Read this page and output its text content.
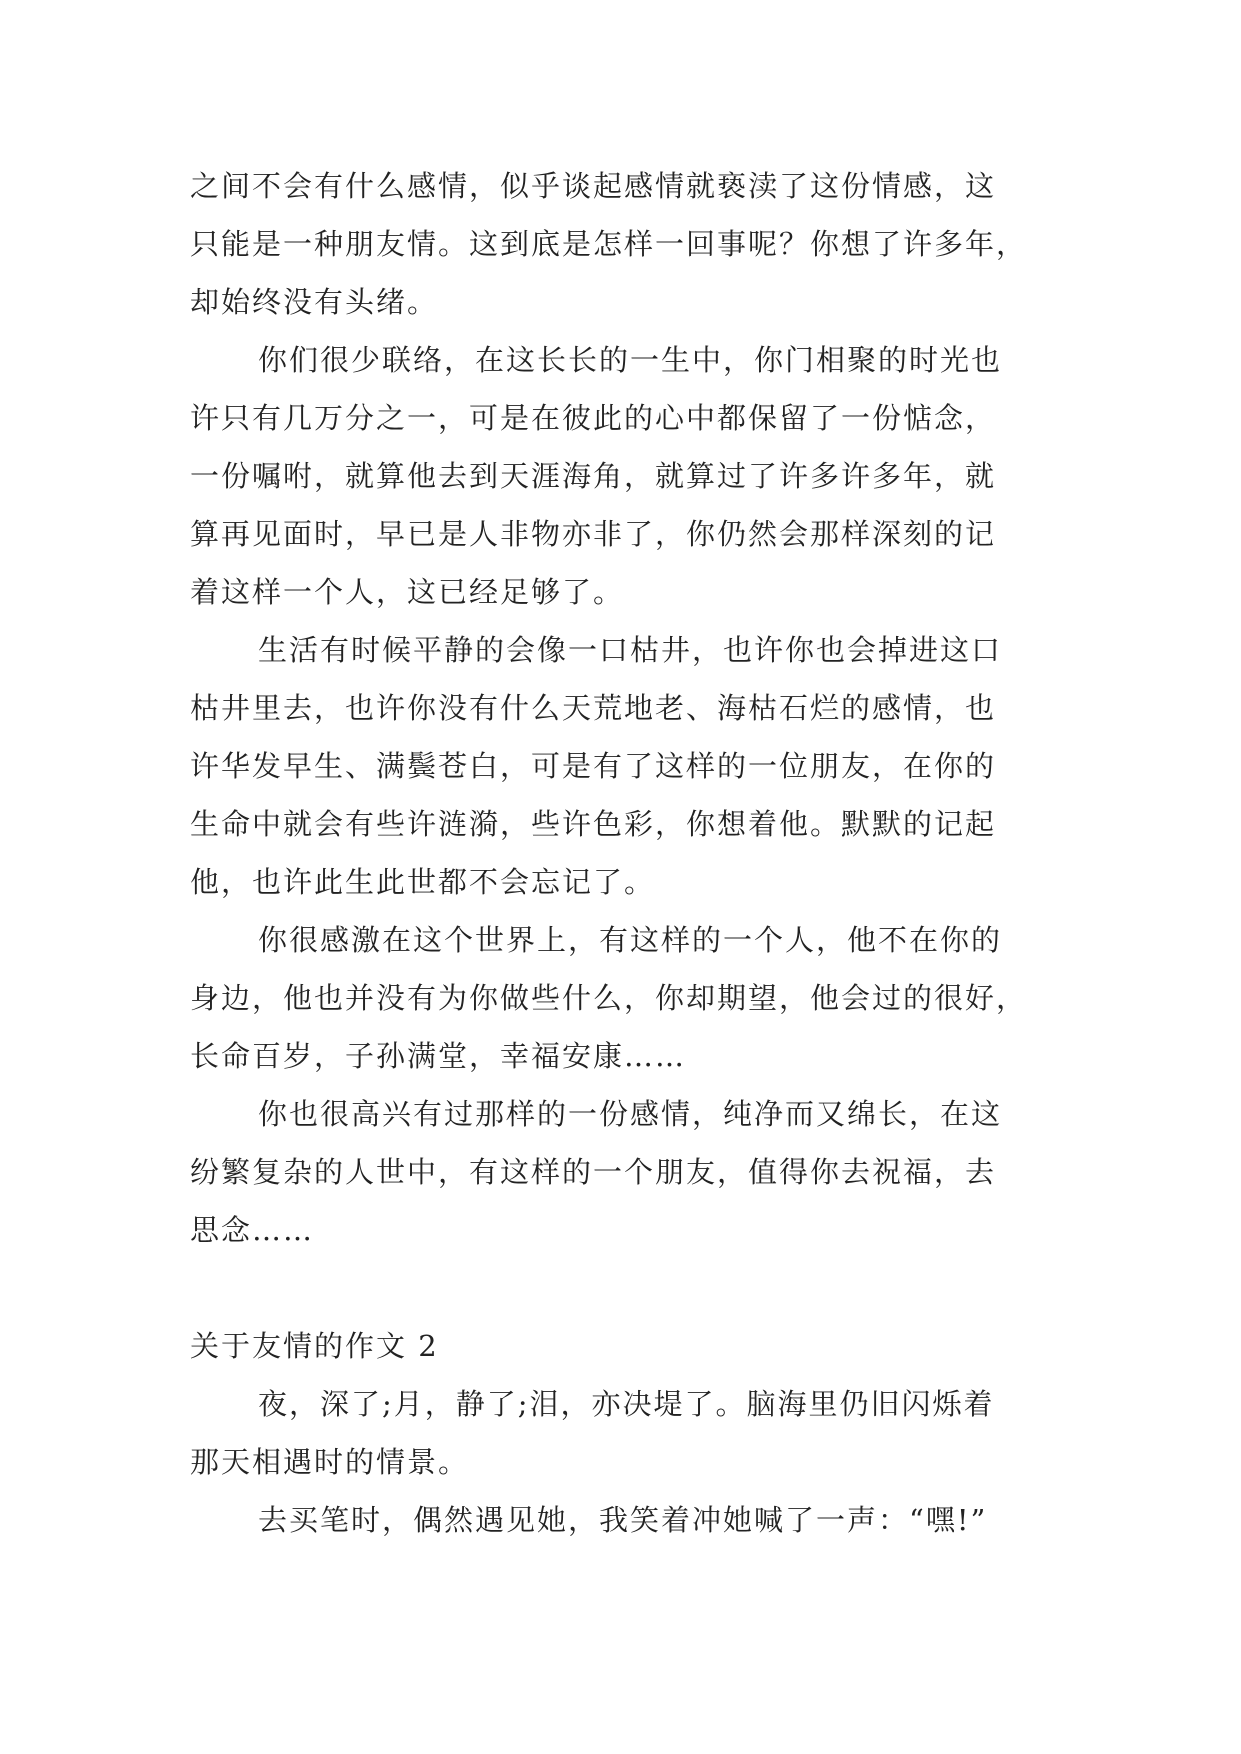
之间不会有什么感情，似乎谈起感情就亵渎了这份情感，这
只能是一种朋友情。这到底是怎样一回事呢？你想了许多年，
却始终没有头绪。
你们很少联络，在这长长的一生中，你门相聚的时光也
许只有几万分之一，可是在彼此的心中都保留了一份惦念，
一份嘱咐，就算他去到天涯海角，就算过了许多许多年，就
算再见面时，早已是人非物亦非了，你仍然会那样深刻的记
着这样一个人，这已经足够了。
生活有时候平静的会像一口枯井，也许你也会掉进这口
枯井里去，也许你没有什么天荒地老、海枯石烂的感情，也
许华发早生、满鬓苍白，可是有了这样的一位朋友，在你的
生命中就会有些许涟漪，些许色彩，你想着他。默默的记起
他，也许此生此世都不会忘记了。
你很感激在这个世界上，有这样的一个人，他不在你的
身边，他也并没有为你做些什么，你却期望，他会过的很好，
长命百岁，子孙满堂，幸福安康……
你也很高兴有过那样的一份感情，纯净而又绵长，在这
纷繁复杂的人世中，有这样的一个朋友，值得你去祝福，去
思念……
关于友情的作文 2
夜，深了;月，静了;泪，亦决堤了。脑海里仍旧闪烁着
那天相遇时的情景。
去买笔时，偶然遇见她，我笑着冲她喊了一声：“嘿!”
